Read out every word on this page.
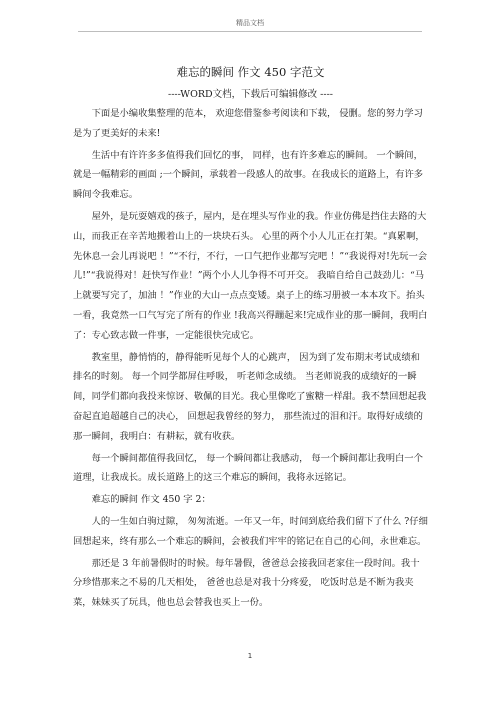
精品文档

难忘的瞬间 作文 450 字范文

----WORD文档，下载后可编辑修改 ----

下面是小编收集整理的范本， 欢迎您借鉴参考阅读和下载， 侵删。您的努力学习是为了更美好的未来!

生活中有许许多多值得我们回忆的事， 同样，也有许多难忘的瞬间。 一个瞬间，就是一幅精彩的画面 ;一个瞬间，承载着一段感人的故事。在我成长的道路上，有许多瞬间令我难忘。

屋外，是玩耍嬉戏的孩子，屋内，是在埋头写作业的我。作业仿佛是挡住去路的大山，而我正在辛苦地搬着山上的一块块石头。 心里的两个小人儿正在打架。“真累啊，先休息一会儿再说吧 ！”“不行，不行，一口气把作业都写完吧 ！”“我说得对!先玩一会儿!”“我说得对！赶快写作业！”两个小人儿争得不可开交。 我暗自给自己鼓劲儿：“马上就要写完了，加油 ！”作业的大山一点点变矮。桌子上的练习册被一本本攻下。抬头一看，我竟然一口气写完了所有的作业 !我高兴得蹦起来!完成作业的那一瞬间，我明白了：专心致志做一件事，一定能很快完成它。

教室里，静悄悄的，静得能听见每个人的心跳声， 因为到了发布期末考试成绩和排名的时刻。 每一个同学都屏住呼吸， 听老师念成绩。 当老师说我的成绩好的一瞬间，同学们都向我投来惊讶、敬佩的目光。我心里像吃了蜜糖一样甜。我不禁回想起我奋起直追超越自己的决心， 回想起我曾经的努力， 那些流过的泪和汗。取得好成绩的那一瞬间，我明白：有耕耘，就有收获。

每一个瞬间都值得我回忆， 每一个瞬间都让我感动， 每一个瞬间都让我明白一个道理，让我成长。成长道路上的这三个难忘的瞬间，我将永远铭记。

难忘的瞬间 作文 450 字 2：

人的一生如白驹过隙， 匆匆流逝。一年又一年，时间到底给我们留下了什么 ?仔细回想起来，终有那么一个难忘的瞬间，会被我们牢牢的铭记在自己的心间，永世难忘。

那还是 3 年前暑假时的时候。每年暑假，爸爸总会接我回老家住一段时间。我十分珍惜那来之不易的几天相处， 爸爸也总是对我十分疼爱， 吃饭时总是不断为我夹菜，妹妹买了玩具，他也总会替我也买上一份。

1
